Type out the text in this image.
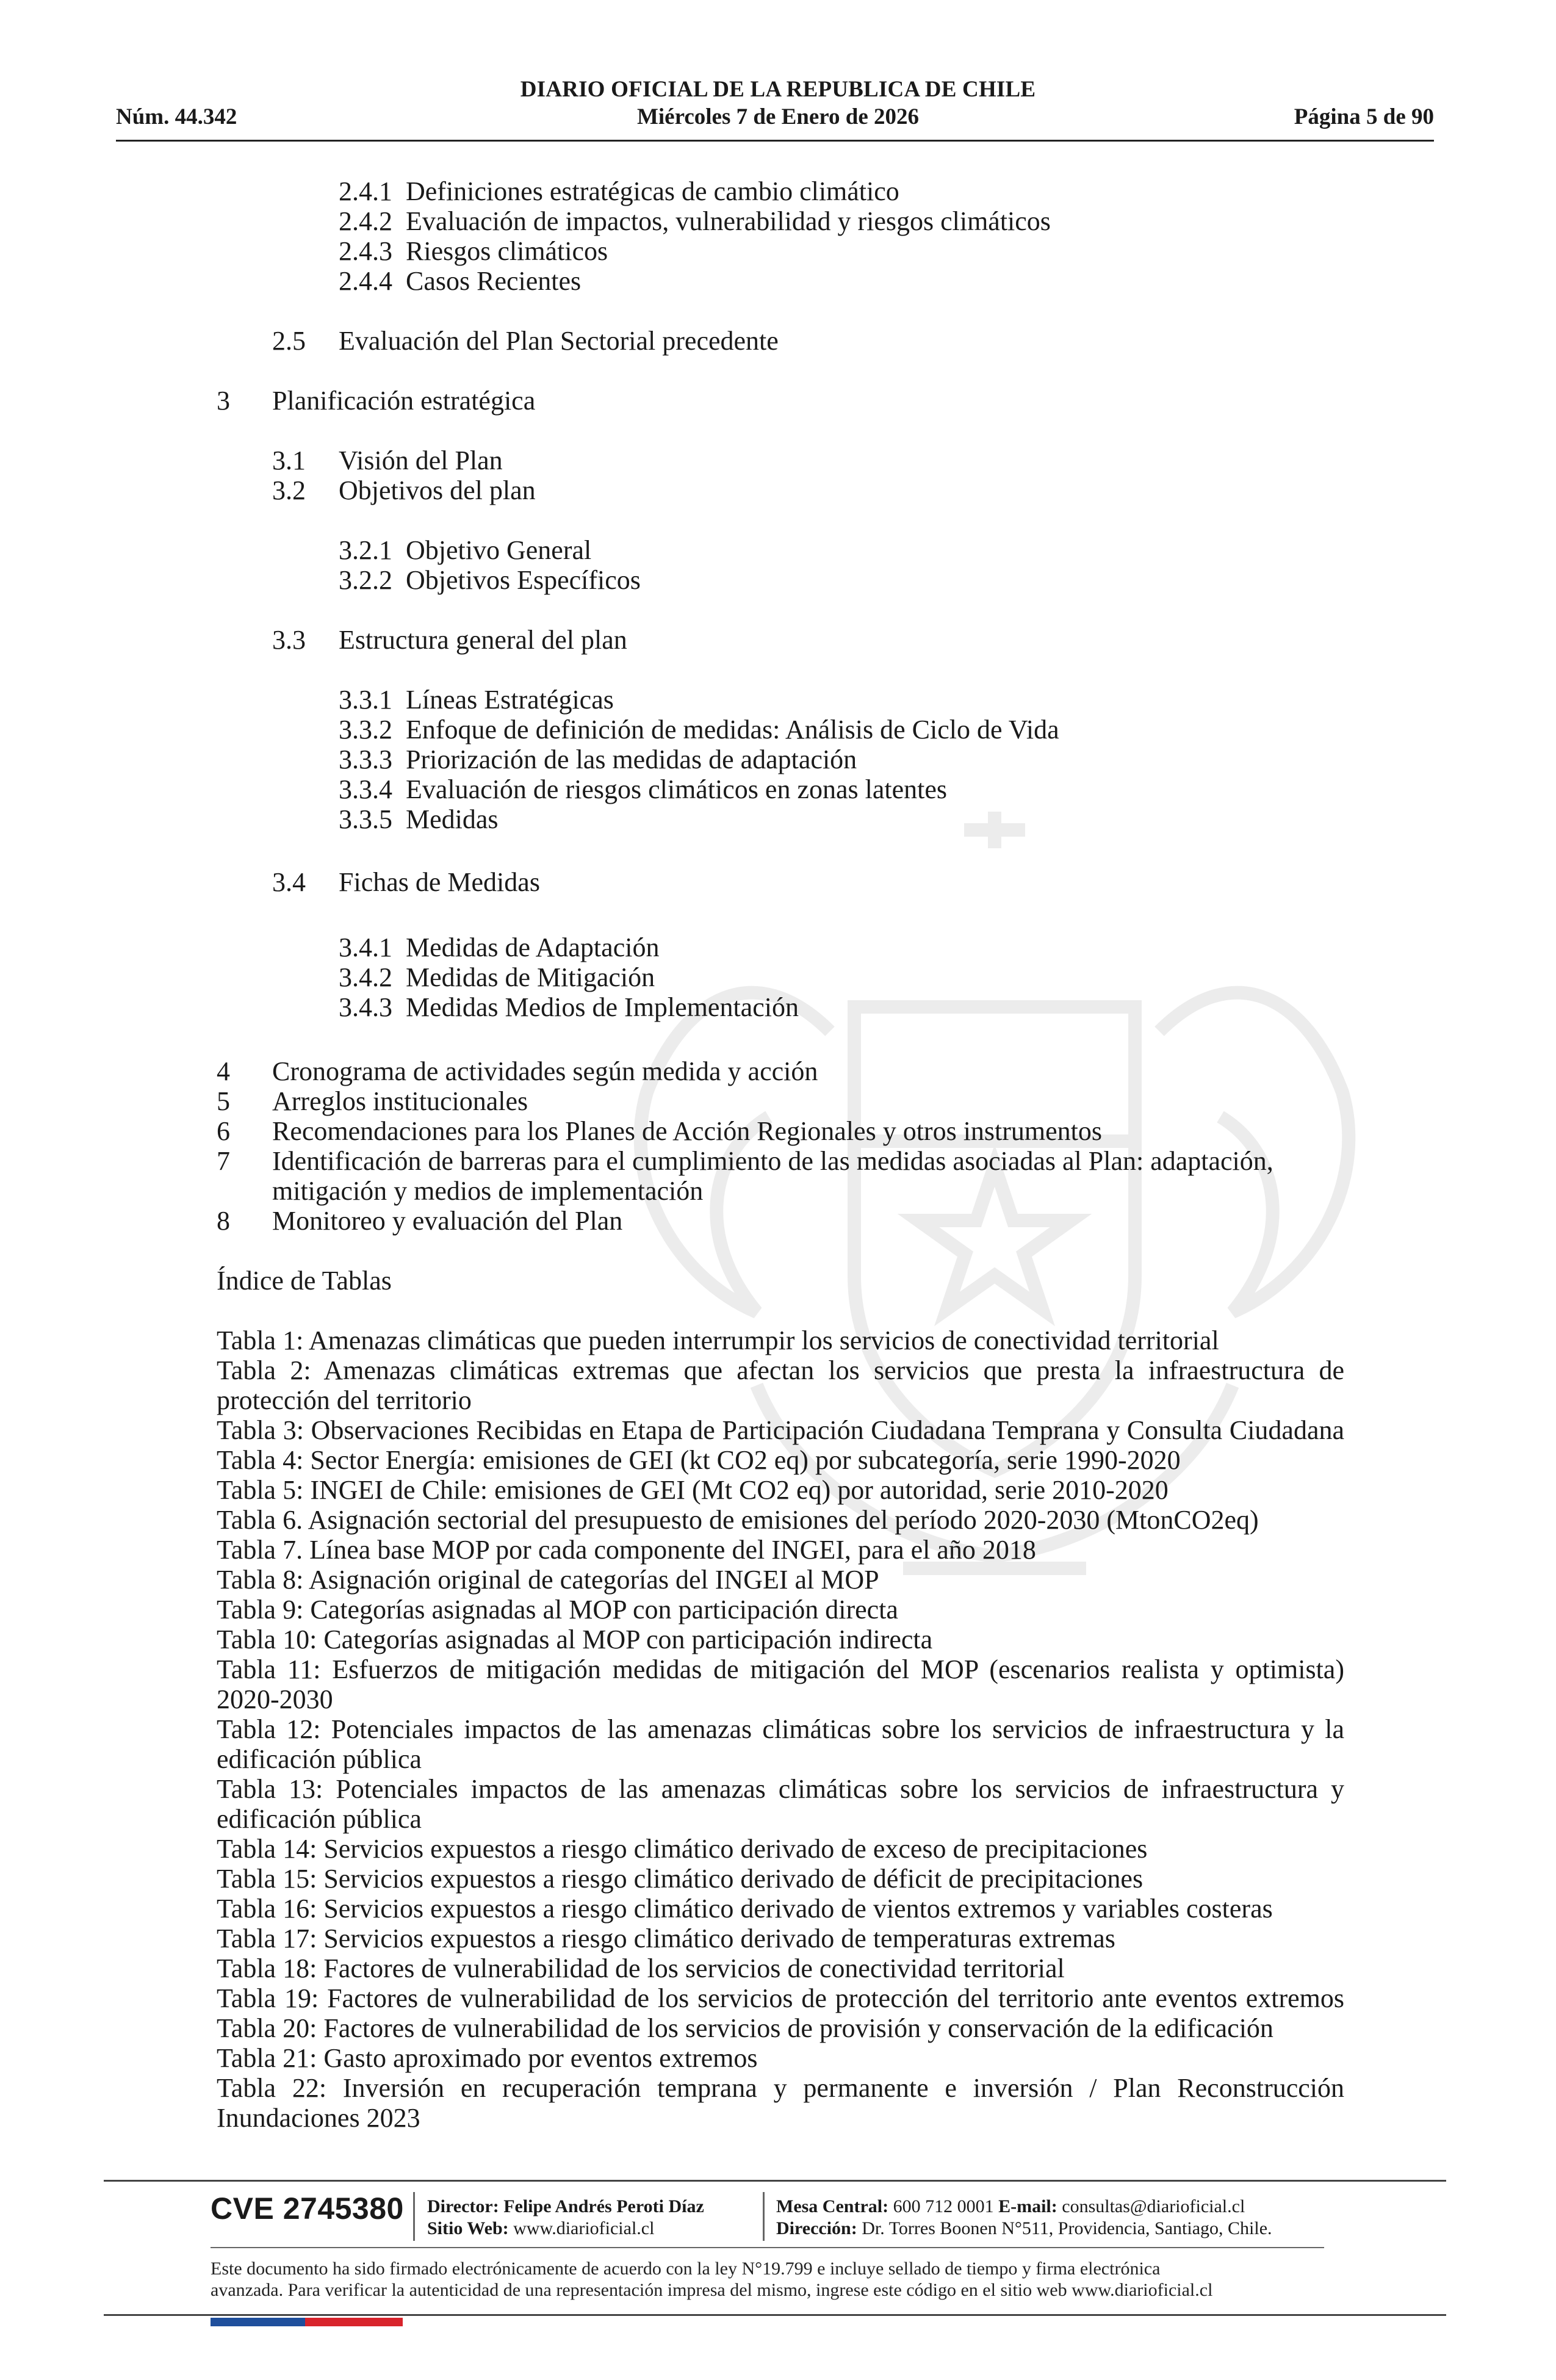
DIARIO OFICIAL DE LA REPUBLICA DE CHILE
Núm. 44.342	Miércoles 7 de Enero de 2026	Página 5 de 90
2.4.1 Definiciones estratégicas de cambio climático
2.4.2 Evaluación de impactos, vulnerabilidad y riesgos climáticos
2.4.3 Riesgos climáticos
2.4.4 Casos Recientes
2.5 Evaluación del Plan Sectorial precedente
3 Planificación estratégica
3.1 Visión del Plan
3.2 Objetivos del plan
3.2.1 Objetivo General
3.2.2 Objetivos Específicos
3.3 Estructura general del plan
3.3.1 Líneas Estratégicas
3.3.2 Enfoque de definición de medidas: Análisis de Ciclo de Vida
3.3.3 Priorización de las medidas de adaptación
3.3.4 Evaluación de riesgos climáticos en zonas latentes
3.3.5 Medidas
3.4 Fichas de Medidas
3.4.1 Medidas de Adaptación
3.4.2 Medidas de Mitigación
3.4.3 Medidas Medios de Implementación
4 Cronograma de actividades según medida y acción
5 Arreglos institucionales
6 Recomendaciones para los Planes de Acción Regionales y otros instrumentos
7 Identificación de barreras para el cumplimiento de las medidas asociadas al Plan: adaptación,
mitigación y medios de implementación
8 Monitoreo y evaluación del Plan
Índice de Tablas
Tabla 1: Amenazas climáticas que pueden interrumpir los servicios de conectividad territorial
Tabla 2: Amenazas climáticas extremas que afectan los servicios que presta la infraestructura de
protección del territorio
Tabla 3: Observaciones Recibidas en Etapa de Participación Ciudadana Temprana y Consulta Ciudadana
Tabla 4: Sector Energía: emisiones de GEI (kt CO2 eq) por subcategoría, serie 1990-2020
Tabla 5: INGEI de Chile: emisiones de GEI (Mt CO2 eq) por autoridad, serie 2010-2020
Tabla 6. Asignación sectorial del presupuesto de emisiones del período 2020-2030 (MtonCO2eq)
Tabla 7. Línea base MOP por cada componente del INGEI, para el año 2018
Tabla 8: Asignación original de categorías del INGEI al MOP
Tabla 9: Categorías asignadas al MOP con participación directa
Tabla 10: Categorías asignadas al MOP con participación indirecta
Tabla 11: Esfuerzos de mitigación medidas de mitigación del MOP (escenarios realista y optimista)
2020-2030
Tabla 12: Potenciales impactos de las amenazas climáticas sobre los servicios de infraestructura y la
edificación pública
Tabla 13: Potenciales impactos de las amenazas climáticas sobre los servicios de infraestructura y
edificación pública
Tabla 14: Servicios expuestos a riesgo climático derivado de exceso de precipitaciones
Tabla 15: Servicios expuestos a riesgo climático derivado de déficit de precipitaciones
Tabla 16: Servicios expuestos a riesgo climático derivado de vientos extremos y variables costeras
Tabla 17: Servicios expuestos a riesgo climático derivado de temperaturas extremas
Tabla 18: Factores de vulnerabilidad de los servicios de conectividad territorial
Tabla 19: Factores de vulnerabilidad de los servicios de protección del territorio ante eventos extremos
Tabla 20: Factores de vulnerabilidad de los servicios de provisión y conservación de la edificación
Tabla 21: Gasto aproximado por eventos extremos
Tabla 22: Inversión en recuperación temprana y permanente e inversión / Plan Reconstrucción
Inundaciones 2023
CVE 2745380 Director: Felipe Andrés Peroti Díaz
Sitio Web: www.diarioficial.cl
Mesa Central: 600 712 0001 E-mail: consultas@diarioficial.cl
Dirección: Dr. Torres Boonen N°511, Providencia, Santiago, Chile.
Este documento ha sido firmado electrónicamente de acuerdo con la ley N°19.799 e incluye sellado de tiempo y firma electrónica
avanzada. Para verificar la autenticidad de una representación impresa del mismo, ingrese este código en el sitio web www.diarioficial.cl
